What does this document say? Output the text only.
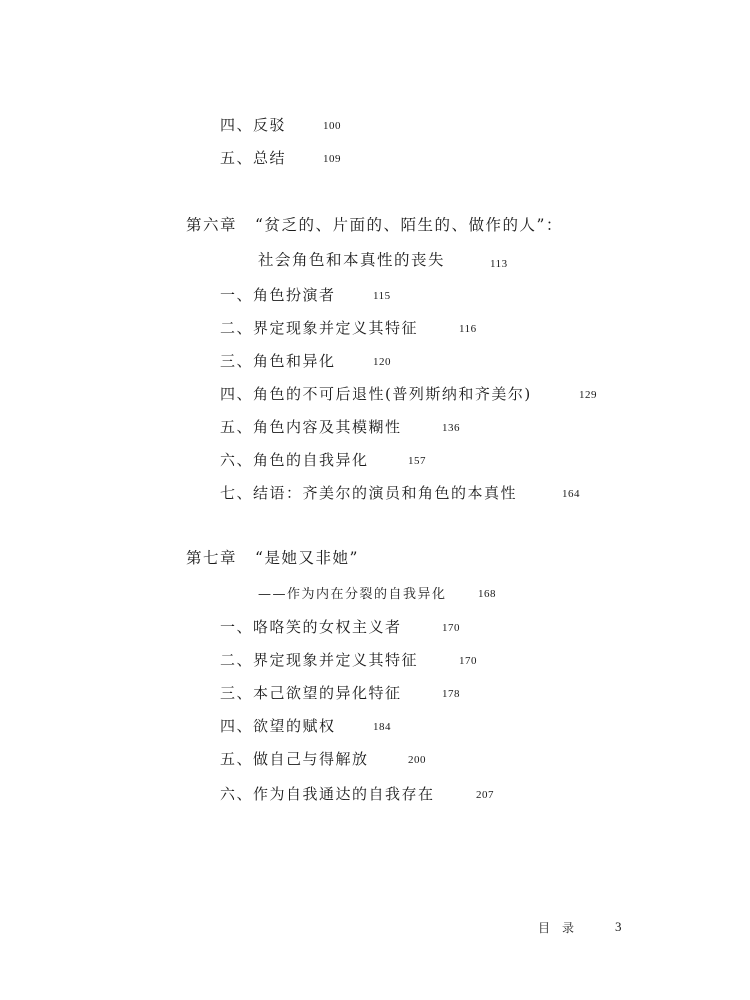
四、反驳	100
五、总结	109
第六章 “贫乏的、片面的、陌生的、做作的人”：
社会角色和本真性的丧失	113
一、角色扮演者	115
二、界定现象并定义其特征	116
三、角色和异化	120
四、角色的不可后退性(普列斯纳和齐美尔)	129
五、角色内容及其模糊性	136
六、角色的自我异化	157
七、结语：齐美尔的演员和角色的本真性	164
第七章 “是她又非她”
——作为内在分裂的自我异化	168
一、咯咯笑的女权主义者	170
二、界定现象并定义其特征	170
三、本己欲望的异化特征	178
四、欲望的赋权	184
五、做自己与得解放	200
六、作为自我通达的自我存在	207
目录 3
